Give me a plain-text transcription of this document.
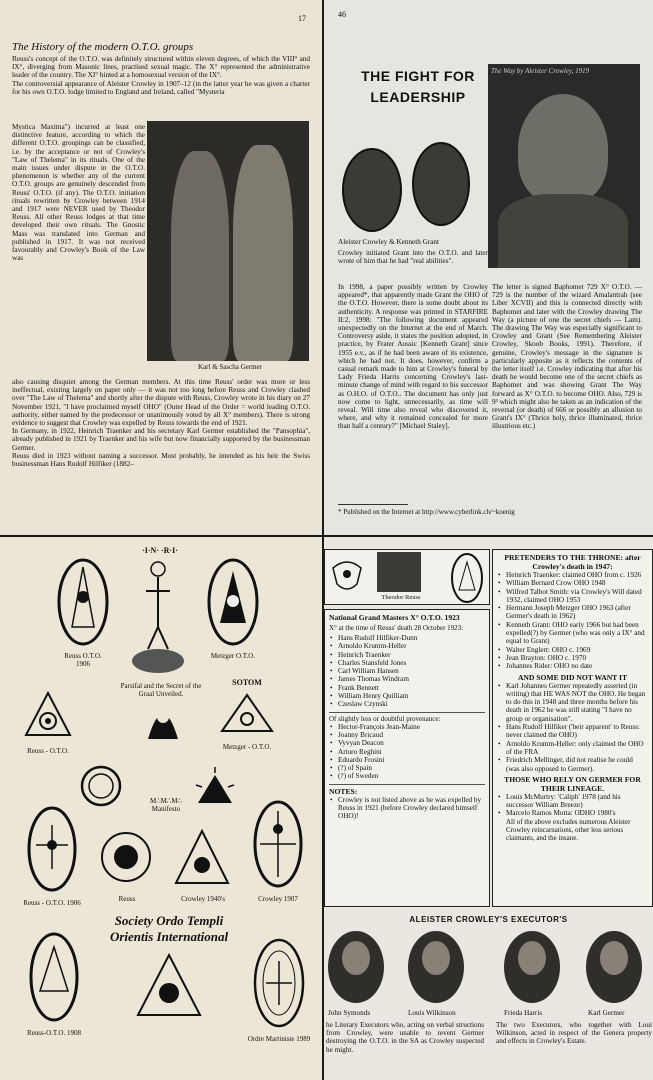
17
The History of the modern O.T.O. groups

Reuss's concept of the O.T.O. was definitely structured within eleven degrees, of which the VIII° and IX°, diverging from Masonic lines, practised sexual magic. The X° represented the administrative leader of the country. The XI° hinted at a homosexual version of the IX°.

The controversial appearance of Aleister Crowley in 1907–12 (in the latter year he was given a charter for his own O.T.O. lodge limited to England and Ireland, called "Mysteria

Mystica Maxima") incurred at least one distinctive feature, according to which the different O.T.O. groupings can be classified, i.e. by the acceptance or not of Crowley's "Law of Thelema" in its rituals. One of the main issues under dispute in the O.T.O. phenomenon is whether any of the current O.T.O. groups are genuinely descended from Reuss' O.T.O. (if any). The O.T.O. initiation rituals rewritten by Crowley between 1914 and 1917 were NEVER used by Theodor Reuss. All other Reuss lodges at that time developed their own rituals. The Gnostic Mass was translated into German and published in 1917. It was not received favourably and Crowley's Book of the Law was
Karl & Sascha Germer

also causing disquiet among the German members. At this time Reuss' order was more or less ineffectual, existing largely on paper only — it was not too long before Reuss and Crowley clashed over "The Law of Thelema" and shortly after the dispute with Reuss, Crowley wrote in his diary on 27 November 1921, "I have proclaimed myself OHO" (Outer Head of the Order = world leading O.T.O. authority, either named by the predecessor or unanimously voted by all X° members). There is strong evidence to suggest that Crowley was expelled by Reuss towards the end of 1921.

In Germany, in 1922, Heinrich Traenker and his secretary Karl Germer established the "Pansophia", already published in 1921 by Traenker and his wife but now financially supported by the businessman Germer.

Reuss died in 1923 without naming a successor. Most probably, he intended as his heir the Swiss businessman Hans Rudolf Hilfiker (1882–

46
THE FIGHT FOR LEADERSHIP
The Way by Aleister Crowley, 1919
Aleister Crowley & Kenneth Grant
Crowley initiated Grant into the O.T.O. and later wrote of him that he had "real abilities".
In 1998, a paper possibly written by Crowley appeared*, that apparently made Grant the OHO of the O.T.O. However, there is some doubt about its authenticity. A response was printed in STARFIRE II:2, 1998: "The following document appeared unexpectedly on the Internet at the end of March. Controversy aside, it states the position adopted, in practice, by Frater Aossic [Kenneth Grant] since 1955 e.v., as if he had been aware of its existence, which he had not. It does, however, confirm a casual remark made to him at Crowley's funeral by Lady Frieda Harris concerning Crowley's last-minute change of mind with regard to his successor as O.H.O. of O.T.O.. The document has only just now come to light, unnecessarily, as time will reveal. Will time also reveal who discovered it, where, and why it remained concealed for more than half a century?" [Michael Staley].
The letter is signed Baphomet 729 X° O.T.O. — 729 is the number of the wizard Amalantrah (see Liber XCVII) and this is connected directly with Baphomet and later with the Crowley drawing The Way (a picture of one the secret chiefs — Lam). The drawing The Way was especially significant to Crowley and Grant (See Remembering Aleister Crowley, Skoob Books, 1991). Therefore, if genuine, Crowley's message in the signature is particularly apposite as it reflects the contents of the letter itself i.e. Crowley indicating that after his death he would become one of the secret chiefs as Baphomet and was showing Grant The Way forward as X° O.T.O. to become OHO. Also, 729 is 9³ which might also be taken as an indication of the reversal (or death) of 666 or possibly an allusion to Grant's IX° (Thrice holy, thrice illuminated, thrice illustrious etc.)
* Published on the Internet at http://www.cyberlink.ch/~koenig
·I·N· ·R·I·
Reuss O.T.O. 1906
Parsifal and the Secret of the Graal Unveiled.
Metzger O.T.O.
Reuss - O.T.O.
SOTOM
Metzger - O.T.O.
M∴M∴M∴ Manifesto
Reuss - O.T.O. 1906	Reuss	Crowley 1940's	Crowley 1907
Reuss-O.T.O. 1908
Society Ordo Templi Orientis International
Ordre Martiniste 1989
Theodor Reuss
National Grand Masters X° O.T.O. 1923
X° at the time of Reuss' death 28 October 1923:
• Hans Rudolf Hilfiker-Dunn
• Arnoldo Krumm-Heller
• Heinrich Traenker
• Charles Stansfeld Jones
• Carl William Hansen
• James Thomas Windram
• Frank Bennett
• William Henry Quilliam
• Czeslaw Czynski
Of slightly less or doubtful provenance:
• Hector-François Jean-Maine
• Joanny Bricaud
• Vyvyan Deacon
• Arturo Reghini
• Eduardo Frosini
• (?) of Spain
• (?) of Sweden
NOTES:
• Crowley is not listed above as he was expelled by Reuss in 1921 (before Crowley declared himself OHO)!
PRETENDERS TO THE THRONE: after Crowley's death in 1947:
• Heinrich Traenker: claimed OHO from c. 1926
• William Bernard Crow OHO 1948
• Wilfred Talbot Smith: via Crowley's Will dated 1932, claimed OHO 1953
• Hermann Joseph Metzger OHO 1963 (after Germer's death in 1962)
• Kenneth Grant: OHO early 1966 but had been expelled(?) by Germer (who was only a IX° and equal to Grant)
• Walter Englert: OHO c. 1969
• Jean Brayton: OHO c. 1970
• Johannes Rider: OHO no date
AND SOME DID NOT WANT IT
• Karl Johannes Germer repeatedly asserted (in writing) that HE WAS NOT the OHO. He began to do this in 1948 and three months before his death in 1962 he was still stating "I have no group or organisation".
• Hans Rudolf Hilfiker ('heir apparent' to Reuss: never claimed the OHO)
• Arnoldo Krumm-Heller: only claimed the OHO of the FRA
• Friedrich Mellinger, did not realise he could (was also opposed to Germer).
THOSE WHO RELY ON GERMER FOR THEIR LINEAGE.
• Louis McMurtry: 'Caliph' 1978 (and his successor William Breeze)
• Marcelo Ramos Motta: ODHO 1980's
All of the above excludes numerous Aleister Crowley reincarnations, other less serious claimants, and the insane.
ALEISTER CROWLEY'S EXECUTOR'S
John Symonds	Louis Wilkinson	Frieda Harris	Karl Germer
he Literary Executors who, acting on verbal structions from Crowley, were unable to revent Germer destroying the O.T.O. in the SA as Crowley suspected he might.
The two Executors, who together with Loui Wilkinson, acted in respect of the Genera property and effects in Crowley's Estate.
